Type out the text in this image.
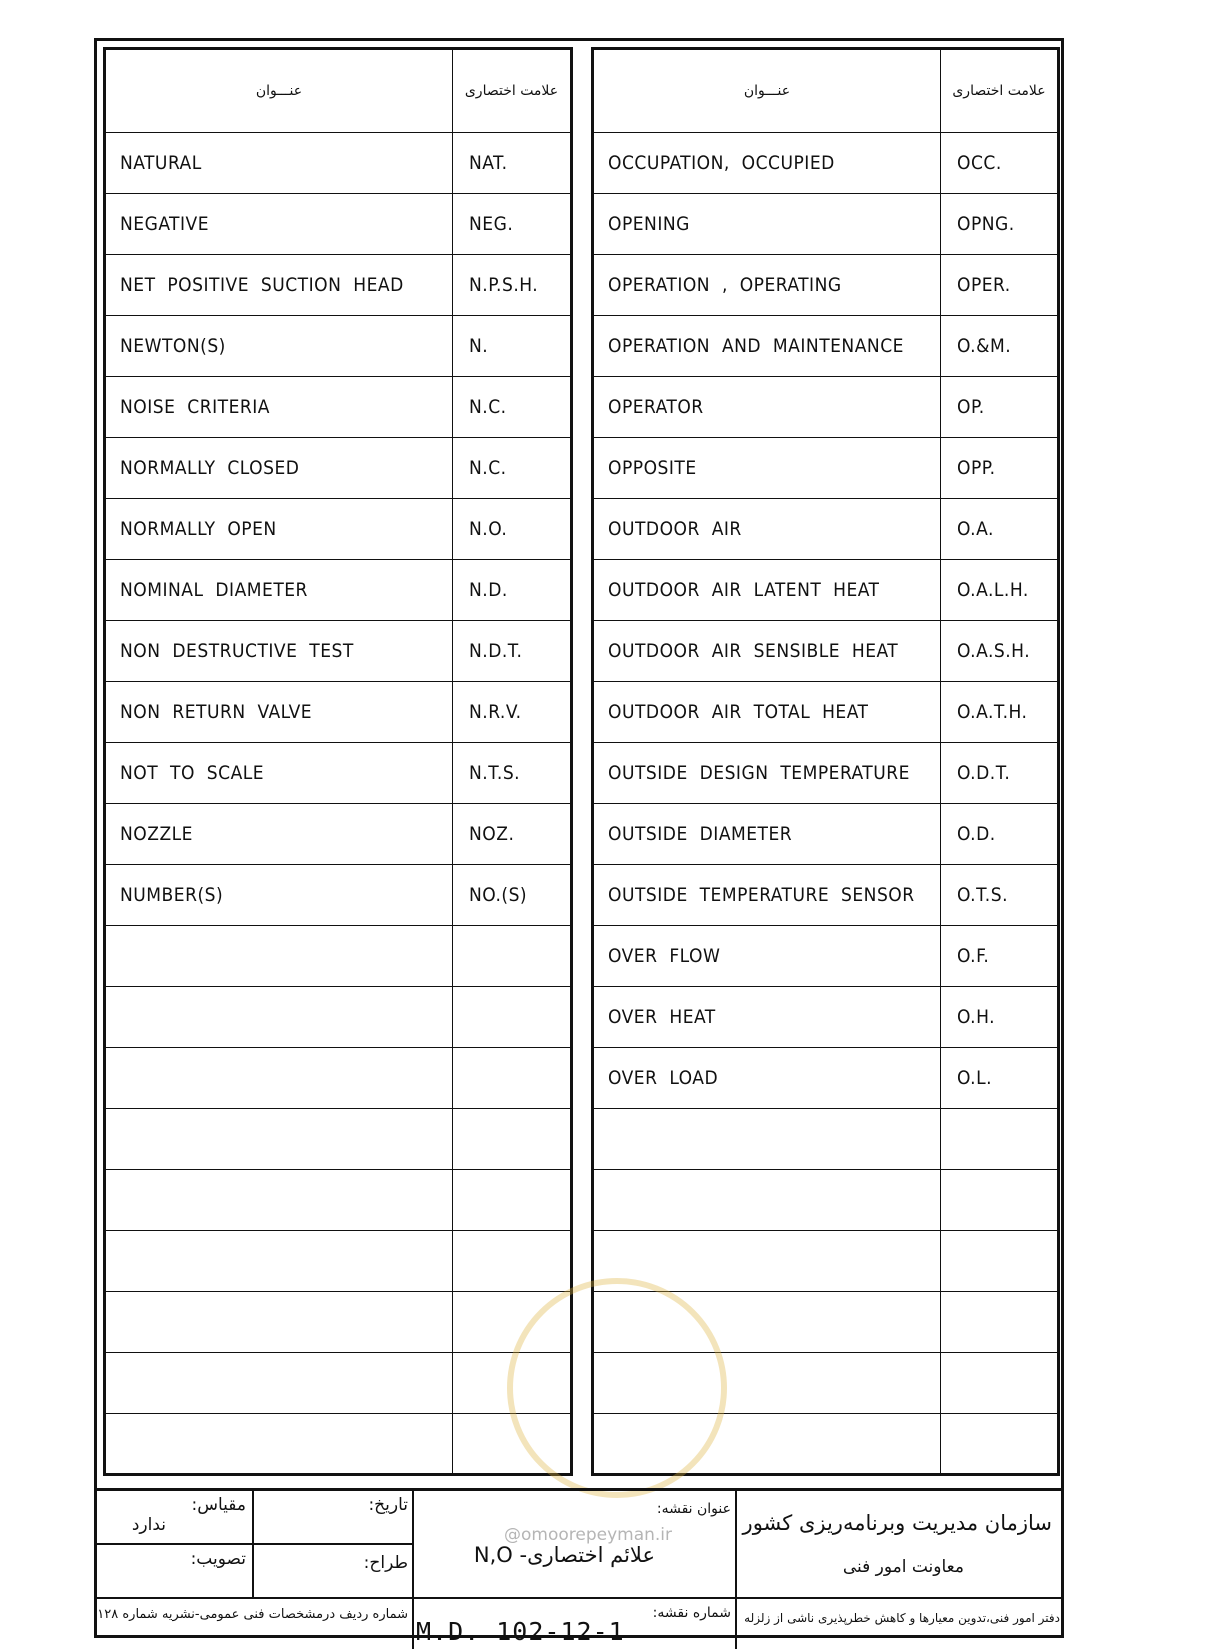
عنـــوان	علامت اختصاری
NATURAL	NAT.
NEGATIVE	NEG.
NET  POSITIVE  SUCTION  HEAD	N.P.S.H.
NEWTON(S)	N.
NOISE  CRITERIA	N.C.
NORMALLY  CLOSED	N.C.
NORMALLY  OPEN	N.O.
NOMINAL  DIAMETER	N.D.
NON  DESTRUCTIVE  TEST	N.D.T.
NON  RETURN  VALVE	N.R.V.
NOT  TO  SCALE	N.T.S.
NOZZLE	NOZ.
NUMBER(S)	NO.(S)

عنـــوان	علامت اختصاری
OCCUPATION,  OCCUPIED	OCC.
OPENING	OPNG.
OPERATION  ,  OPERATING	OPER.
OPERATION  AND  MAINTENANCE	O.&M.
OPERATOR	OP.
OPPOSITE	OPP.
OUTDOOR  AIR	O.A.
OUTDOOR  AIR  LATENT  HEAT	O.A.L.H.
OUTDOOR  AIR  SENSIBLE  HEAT	O.A.S.H.
OUTDOOR  AIR  TOTAL  HEAT	O.A.T.H.
OUTSIDE  DESIGN  TEMPERATURE	O.D.T.
OUTSIDE  DIAMETER	O.D.
OUTSIDE  TEMPERATURE  SENSOR	O.T.S.
OVER  FLOW	O.F.
OVER  HEAT	O.H.
OVER  LOAD	O.L.

مقیاس:
ندارد
تاریخ:
تصویب:	طراح:
شماره ردیف درمشخصات فنی عمومی-نشریه شماره ۱۲۸
عنوان نقشه:
@omoorepeyman.ir
علائم اختصاری- N,O
شماره نقشه:
M.D. 102-12-1
سازمان مدیریت وبرنامه‌ریزی کشور
معاونت امور فنی
دفتر امور فنی،تدوین معیارها و کاهش خطرپذیری ناشی از زلزله
